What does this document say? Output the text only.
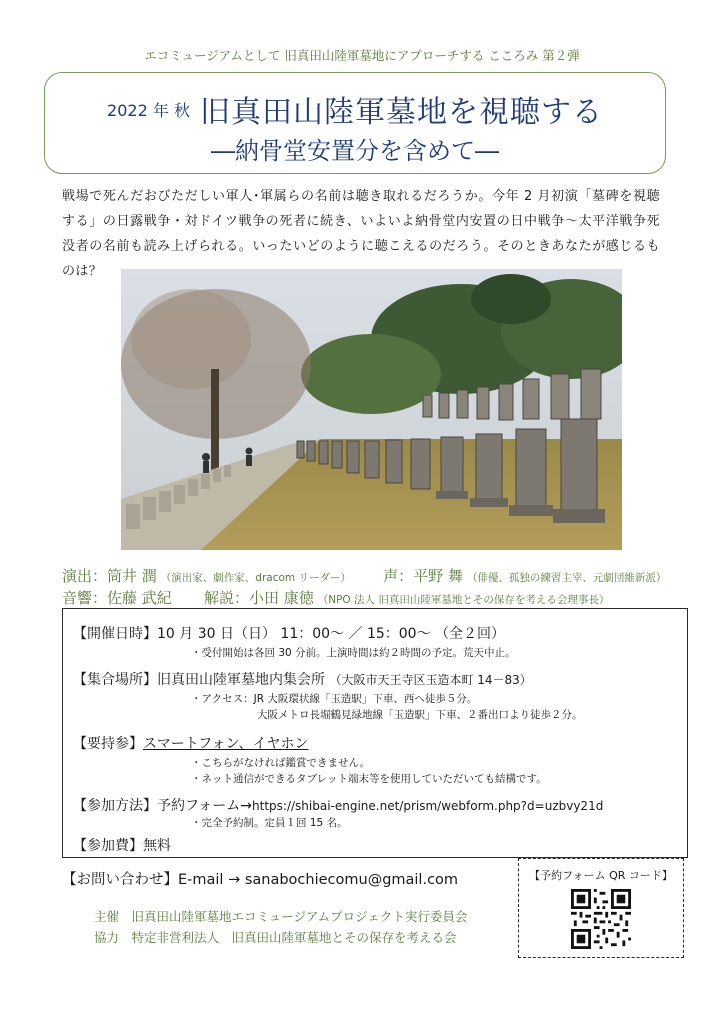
エコミュージアムとして 旧真田山陸軍墓地にアプローチする こころみ 第２弾
2022 年 秋 旧真田山陸軍墓地を視聴する
―納骨堂安置分を含めて―
戦場で死んだおびただしい軍人･軍属らの名前は聴き取れるだろうか。今年 2 月初演「墓碑を視聴する」の日露戦争・対ドイツ戦争の死者に続き、いよいよ納骨堂内安置の日中戦争～太平洋戦争死没者の名前も読み上げられる。いったいどのように聴こえるのだろう。そのときあなたが感じるものは？
演出：筒井 潤 （演出家、劇作家、dracom リーダー） 声：平野 舞 （俳優、孤独の練習主宰、元劇団維新派）
音響：佐藤 武紀 解説：小田 康徳 （NPO 法人 旧真田山陸軍墓地とその保存を考える会理事長）
【開催日時】10 月 30 日（日） 11：00～ ／ 15：00～ （全２回）
・受付開始は各回 30 分前。上演時間は約２時間の予定。荒天中止。
【集合場所】旧真田山陸軍墓地内集会所 （大阪市天王寺区玉造本町 14－83）
・アクセス：JR 大阪環状線「玉造駅」下車、西へ徒歩５分。
大阪メトロ長堀鶴見緑地線「玉造駅」下車、２番出口より徒歩２分。
【要持参】スマートフォン、イヤホン
・こちらがなければ鑑賞できません。
・ネット通信ができるタブレット端末等を使用していただいても結構です。
【参加方法】予約フォーム→https://shibai-engine.net/prism/webform.php?d=uzbvy21d
・完全予約制。定員１回 15 名。
【参加費】無料
【お問い合わせ】E-mail → sanabochiecomu@gmail.com
主催　旧真田山陸軍墓地エコミュージアムプロジェクト実行委員会
協力　特定非営利法人　旧真田山陸軍墓地とその保存を考える会
【予約フォーム QR コード】
